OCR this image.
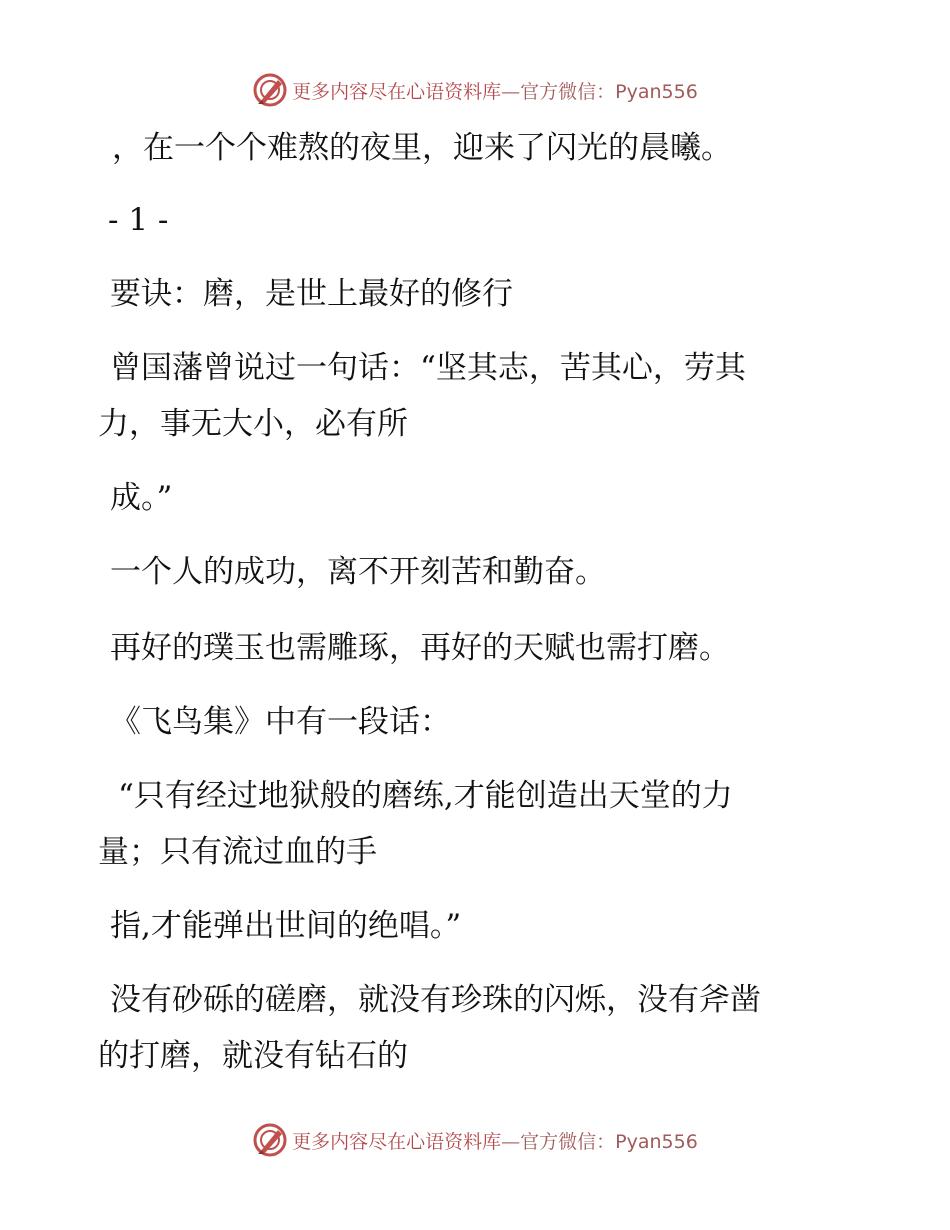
更多内容尽在心语资料库—官方微信：Pyan556
，在一个个难熬的夜里，迎来了闪光的晨曦。
- 1 -
要诀：磨，是世上最好的修行
曾国藩曾说过一句话：“坚其志，苦其心，劳其
力，事无大小，必有所
成。”
一个人的成功，离不开刻苦和勤奋。
再好的璞玉也需雕琢，再好的天赋也需打磨。
《飞鸟集》中有一段话：
“只有经过地狱般的磨练,才能创造出天堂的力
量；只有流过血的手
指,才能弹出世间的绝唱。”
没有砂砾的磋磨，就没有珍珠的闪烁，没有斧凿
的打磨，就没有钻石的
更多内容尽在心语资料库—官方微信：Pyan556
